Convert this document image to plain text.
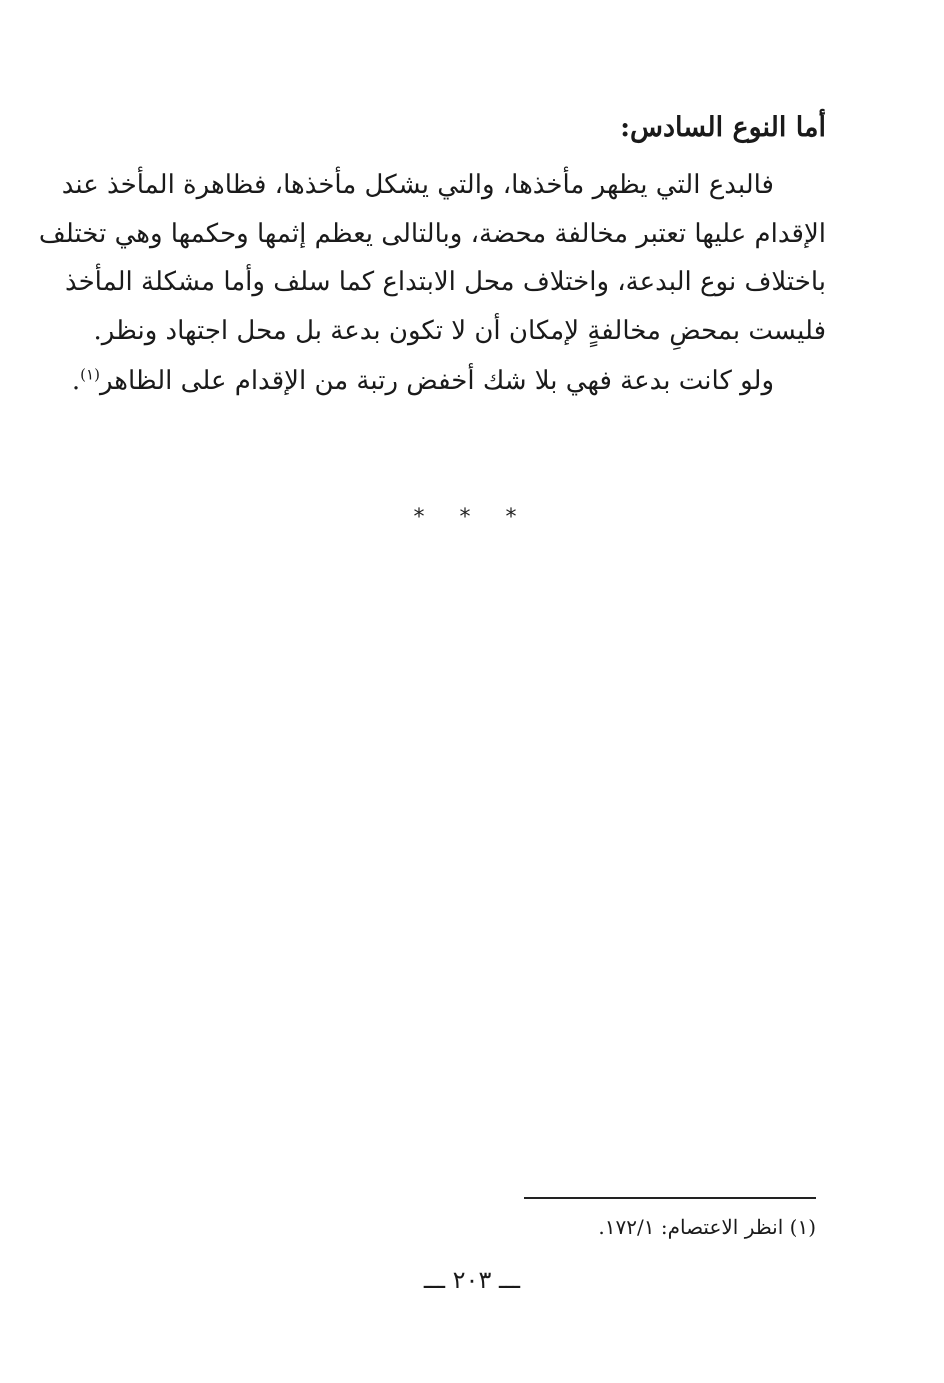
أما النوع السادس:
فالبدع التي يظهر مأخذها، والتي يشكل مأخذها، فظاهرة المأخذ عند
الإقدام عليها تعتبر مخالفة محضة، وبالتالى يعظم إثمها وحكمها وهي تختلف
باختلاف نوع البدعة، واختلاف محل الابتداع كما سلف وأما مشكلة المأخذ
فليست بمحضِ مخالفةٍ لإمكان أن لا تكون بدعة بل محل اجتهاد ونظر.
ولو كانت بدعة فهي بلا شك أخفض رتبة من الإقدام على الظاهر$^{(١)}$.
* * *
(١) انظر الاعتصام: ١٧٢/١.
ـــ ٢٠٣ ـــ
